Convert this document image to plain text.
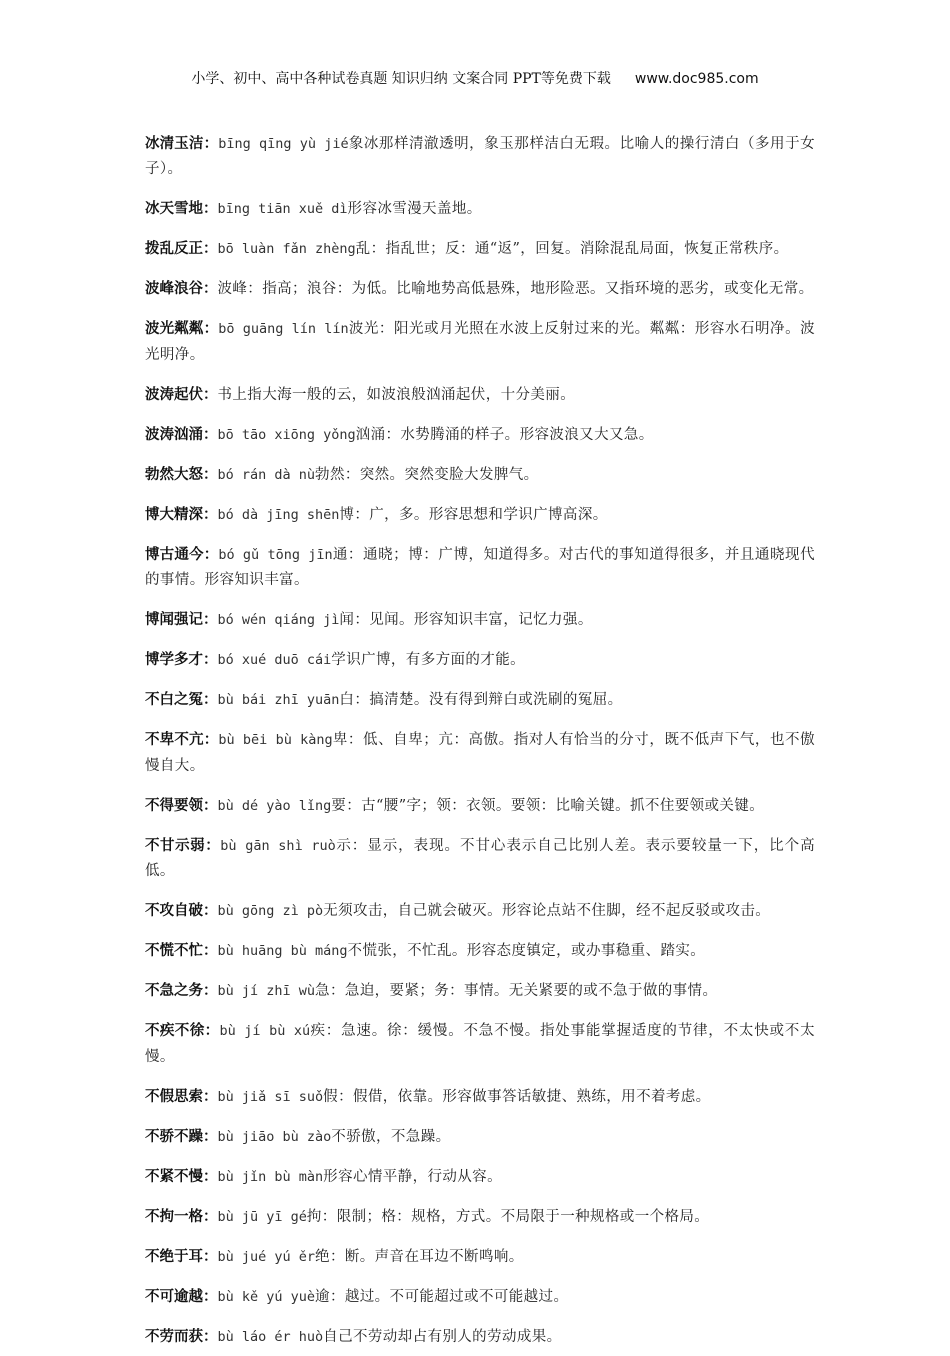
小学、初中、高中各种试卷真题 知识归纳 文案合同 PPT等免费下载 www.doc985.com

冰清玉洁：bīng qīng yù jié象冰那样清澈透明，象玉那样洁白无瑕。比喻人的操行清白（多用于女子）。

冰天雪地：bīng tiān xuě dì形容冰雪漫天盖地。

拨乱反正：bō luàn fǎn zhèng乱：指乱世；反：通“返”，回复。消除混乱局面，恢复正常秩序。

波峰浪谷：波峰：指高；浪谷：为低。比喻地势高低悬殊，地形险恶。又指环境的恶劣，或变化无常。

波光粼粼：bō guāng lín lín波光：阳光或月光照在水波上反射过来的光。粼粼：形容水石明净。波光明净。

波涛起伏：书上指大海一般的云，如波浪般汹涌起伏，十分美丽。

波涛汹涌：bō tāo xiōng yǒng汹涌：水势腾涌的样子。形容波浪又大又急。

勃然大怒：bó rán dà nù勃然：突然。突然变脸大发脾气。

博大精深：bó dà jīng shēn博：广，多。形容思想和学识广博高深。

博古通今：bó gǔ tōng jīn通：通晓；博：广博，知道得多。对古代的事知道得很多，并且通晓现代的事情。形容知识丰富。

博闻强记：bó wén qiáng jì闻：见闻。形容知识丰富，记忆力强。

博学多才：bó xué duō cái学识广博，有多方面的才能。

不白之冤：bù bái zhī yuān白：搞清楚。没有得到辩白或洗刷的冤屈。

不卑不亢：bù bēi bù kàng卑：低、自卑；亢：高傲。指对人有恰当的分寸，既不低声下气，也不傲慢自大。

不得要领：bù dé yào lǐng要：古“腰”字；领：衣领。要领：比喻关键。抓不住要领或关键。

不甘示弱：bù gān shì ruò示：显示，表现。不甘心表示自己比别人差。表示要较量一下，比个高低。

不攻自破：bù gōng zì pò无须攻击，自己就会破灭。形容论点站不住脚，经不起反驳或攻击。

不慌不忙：bù huāng bù máng不慌张，不忙乱。形容态度镇定，或办事稳重、踏实。

不急之务：bù jí zhī wù急：急迫，要紧；务：事情。无关紧要的或不急于做的事情。

不疾不徐：bù jí bù xú疾：急速。徐：缓慢。不急不慢。指处事能掌握适度的节律，不太快或不太慢。

不假思索：bù jiǎ sī suǒ假：假借，依靠。形容做事答话敏捷、熟练，用不着考虑。

不骄不躁：bù jiāo bù zào不骄傲，不急躁。

不紧不慢：bù jǐn bù màn形容心情平静，行动从容。

不拘一格：bù jū yī gé拘：限制；格：规格，方式。不局限于一种规格或一个格局。

不绝于耳：bù jué yú ěr绝：断。声音在耳边不断鸣响。

不可逾越：bù kě yú yuè逾：越过。不可能超过或不可能越过。

不劳而获：bù láo ér huò自己不劳动却占有别人的劳动成果。
